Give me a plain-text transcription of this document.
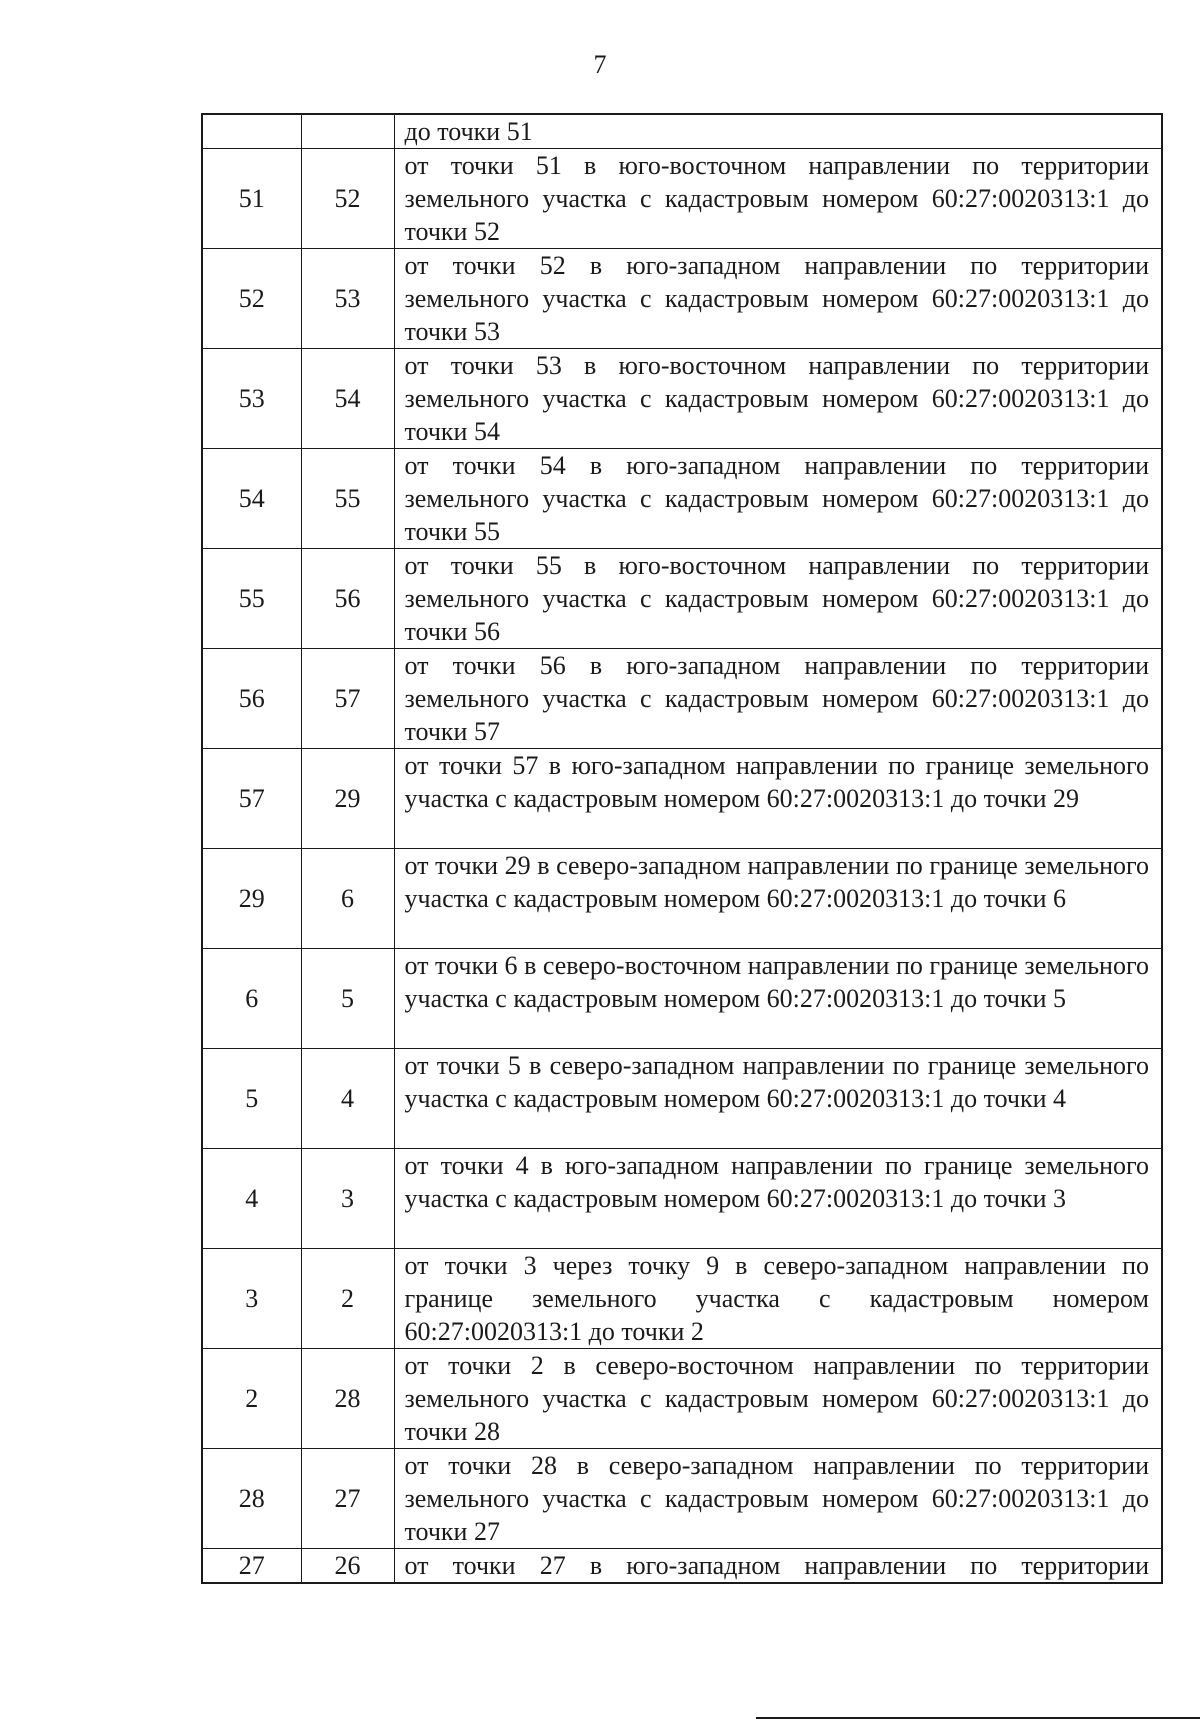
7
		до точки 51
51	52	от точки 51 в юго-восточном направлении по территории земельного участка с кадастровым номером 60:27:0020313:1 до точки 52
52	53	от точки 52 в юго-западном направлении по территории земельного участка с кадастровым номером 60:27:0020313:1 до точки 53
53	54	от точки 53 в юго-восточном направлении по территории земельного участка с кадастровым номером 60:27:0020313:1 до точки 54
54	55	от точки 54 в юго-западном направлении по территории земельного участка с кадастровым номером 60:27:0020313:1 до точки 55
55	56	от точки 55 в юго-восточном направлении по территории земельного участка с кадастровым номером 60:27:0020313:1 до точки 56
56	57	от точки 56 в юго-западном направлении по территории земельного участка с кадастровым номером 60:27:0020313:1 до точки 57
57	29	от точки 57 в юго-западном направлении по границе земельного участка с кадастровым номером 60:27:0020313:1 до точки 29
29	6	от точки 29 в северо-западном направлении по границе земельного участка с кадастровым номером 60:27:0020313:1 до точки 6
6	5	от точки 6 в северо-восточном направлении по границе земельного участка с кадастровым номером 60:27:0020313:1 до точки 5
5	4	от точки 5 в северо-западном направлении по границе земельного участка с кадастровым номером 60:27:0020313:1 до точки 4
4	3	от точки 4 в юго-западном направлении по границе земельного участка с кадастровым номером 60:27:0020313:1 до точки 3
3	2	от точки 3 через точку 9 в северо-западном направлении по границе земельного участка с кадастровым номером 60:27:0020313:1 до точки 2
2	28	от точки 2 в северо-восточном направлении по территории земельного участка с кадастровым номером 60:27:0020313:1 до точки 28
28	27	от точки 28 в северо-западном направлении по территории земельного участка с кадастровым номером 60:27:0020313:1 до точки 27
27	26	от точки 27 в юго-западном направлении по территории
